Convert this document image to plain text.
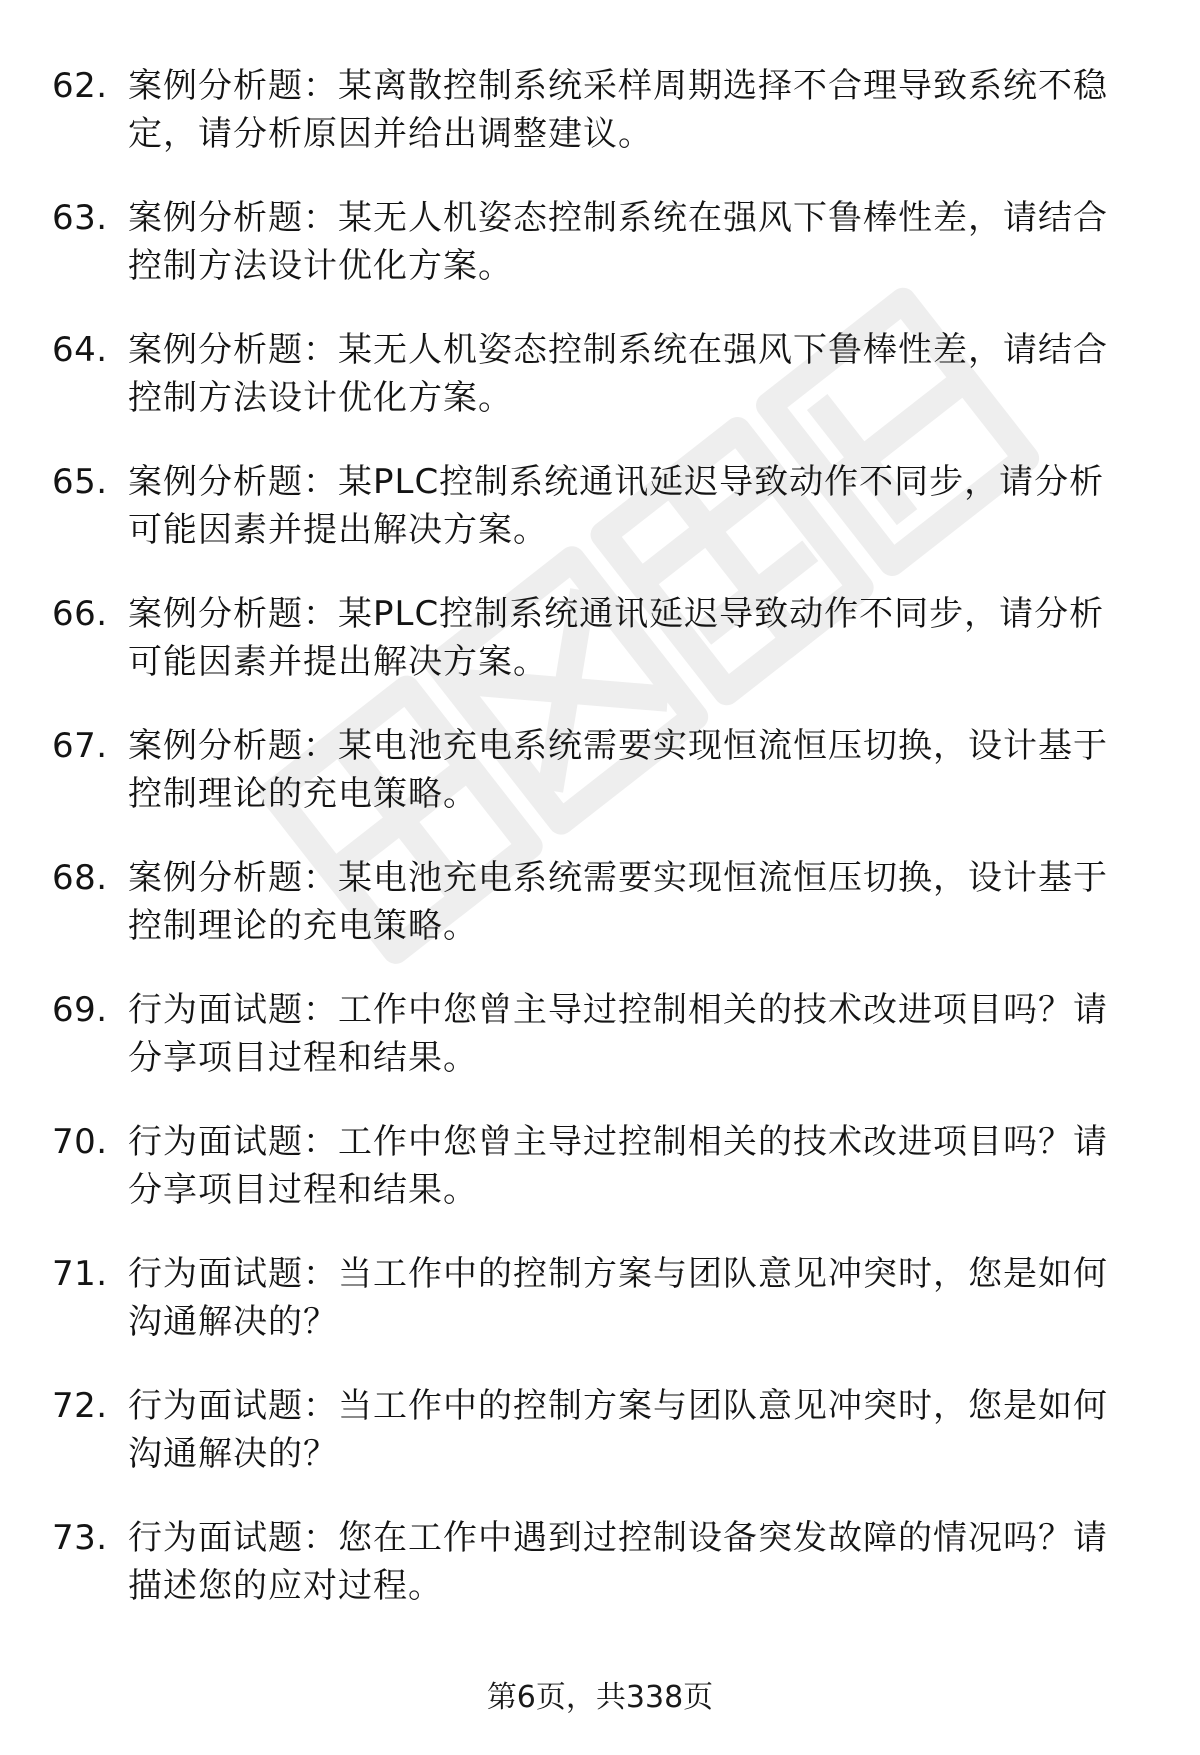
62. 案例分析题：某离散控制系统采样周期选择不合理导致系统不稳定，请分析原因并给出调整建议。
63. 案例分析题：某无人机姿态控制系统在强风下鲁棒性差，请结合控制方法设计优化方案。
64. 案例分析题：某无人机姿态控制系统在强风下鲁棒性差，请结合控制方法设计优化方案。
65. 案例分析题：某PLC控制系统通讯延迟导致动作不同步，请分析可能因素并提出解决方案。
66. 案例分析题：某PLC控制系统通讯延迟导致动作不同步，请分析可能因素并提出解决方案。
67. 案例分析题：某电池充电系统需要实现恒流恒压切换，设计基于控制理论的充电策略。
68. 案例分析题：某电池充电系统需要实现恒流恒压切换，设计基于控制理论的充电策略。
69. 行为面试题：工作中您曾主导过控制相关的技术改进项目吗？请分享项目过程和结果。
70. 行为面试题：工作中您曾主导过控制相关的技术改进项目吗？请分享项目过程和结果。
71. 行为面试题：当工作中的控制方案与团队意见冲突时，您是如何沟通解决的？
72. 行为面试题：当工作中的控制方案与团队意见冲突时，您是如何沟通解决的？
73. 行为面试题：您在工作中遇到过控制设备突发故障的情况吗？请描述您的应对过程。
第6页，共338页
